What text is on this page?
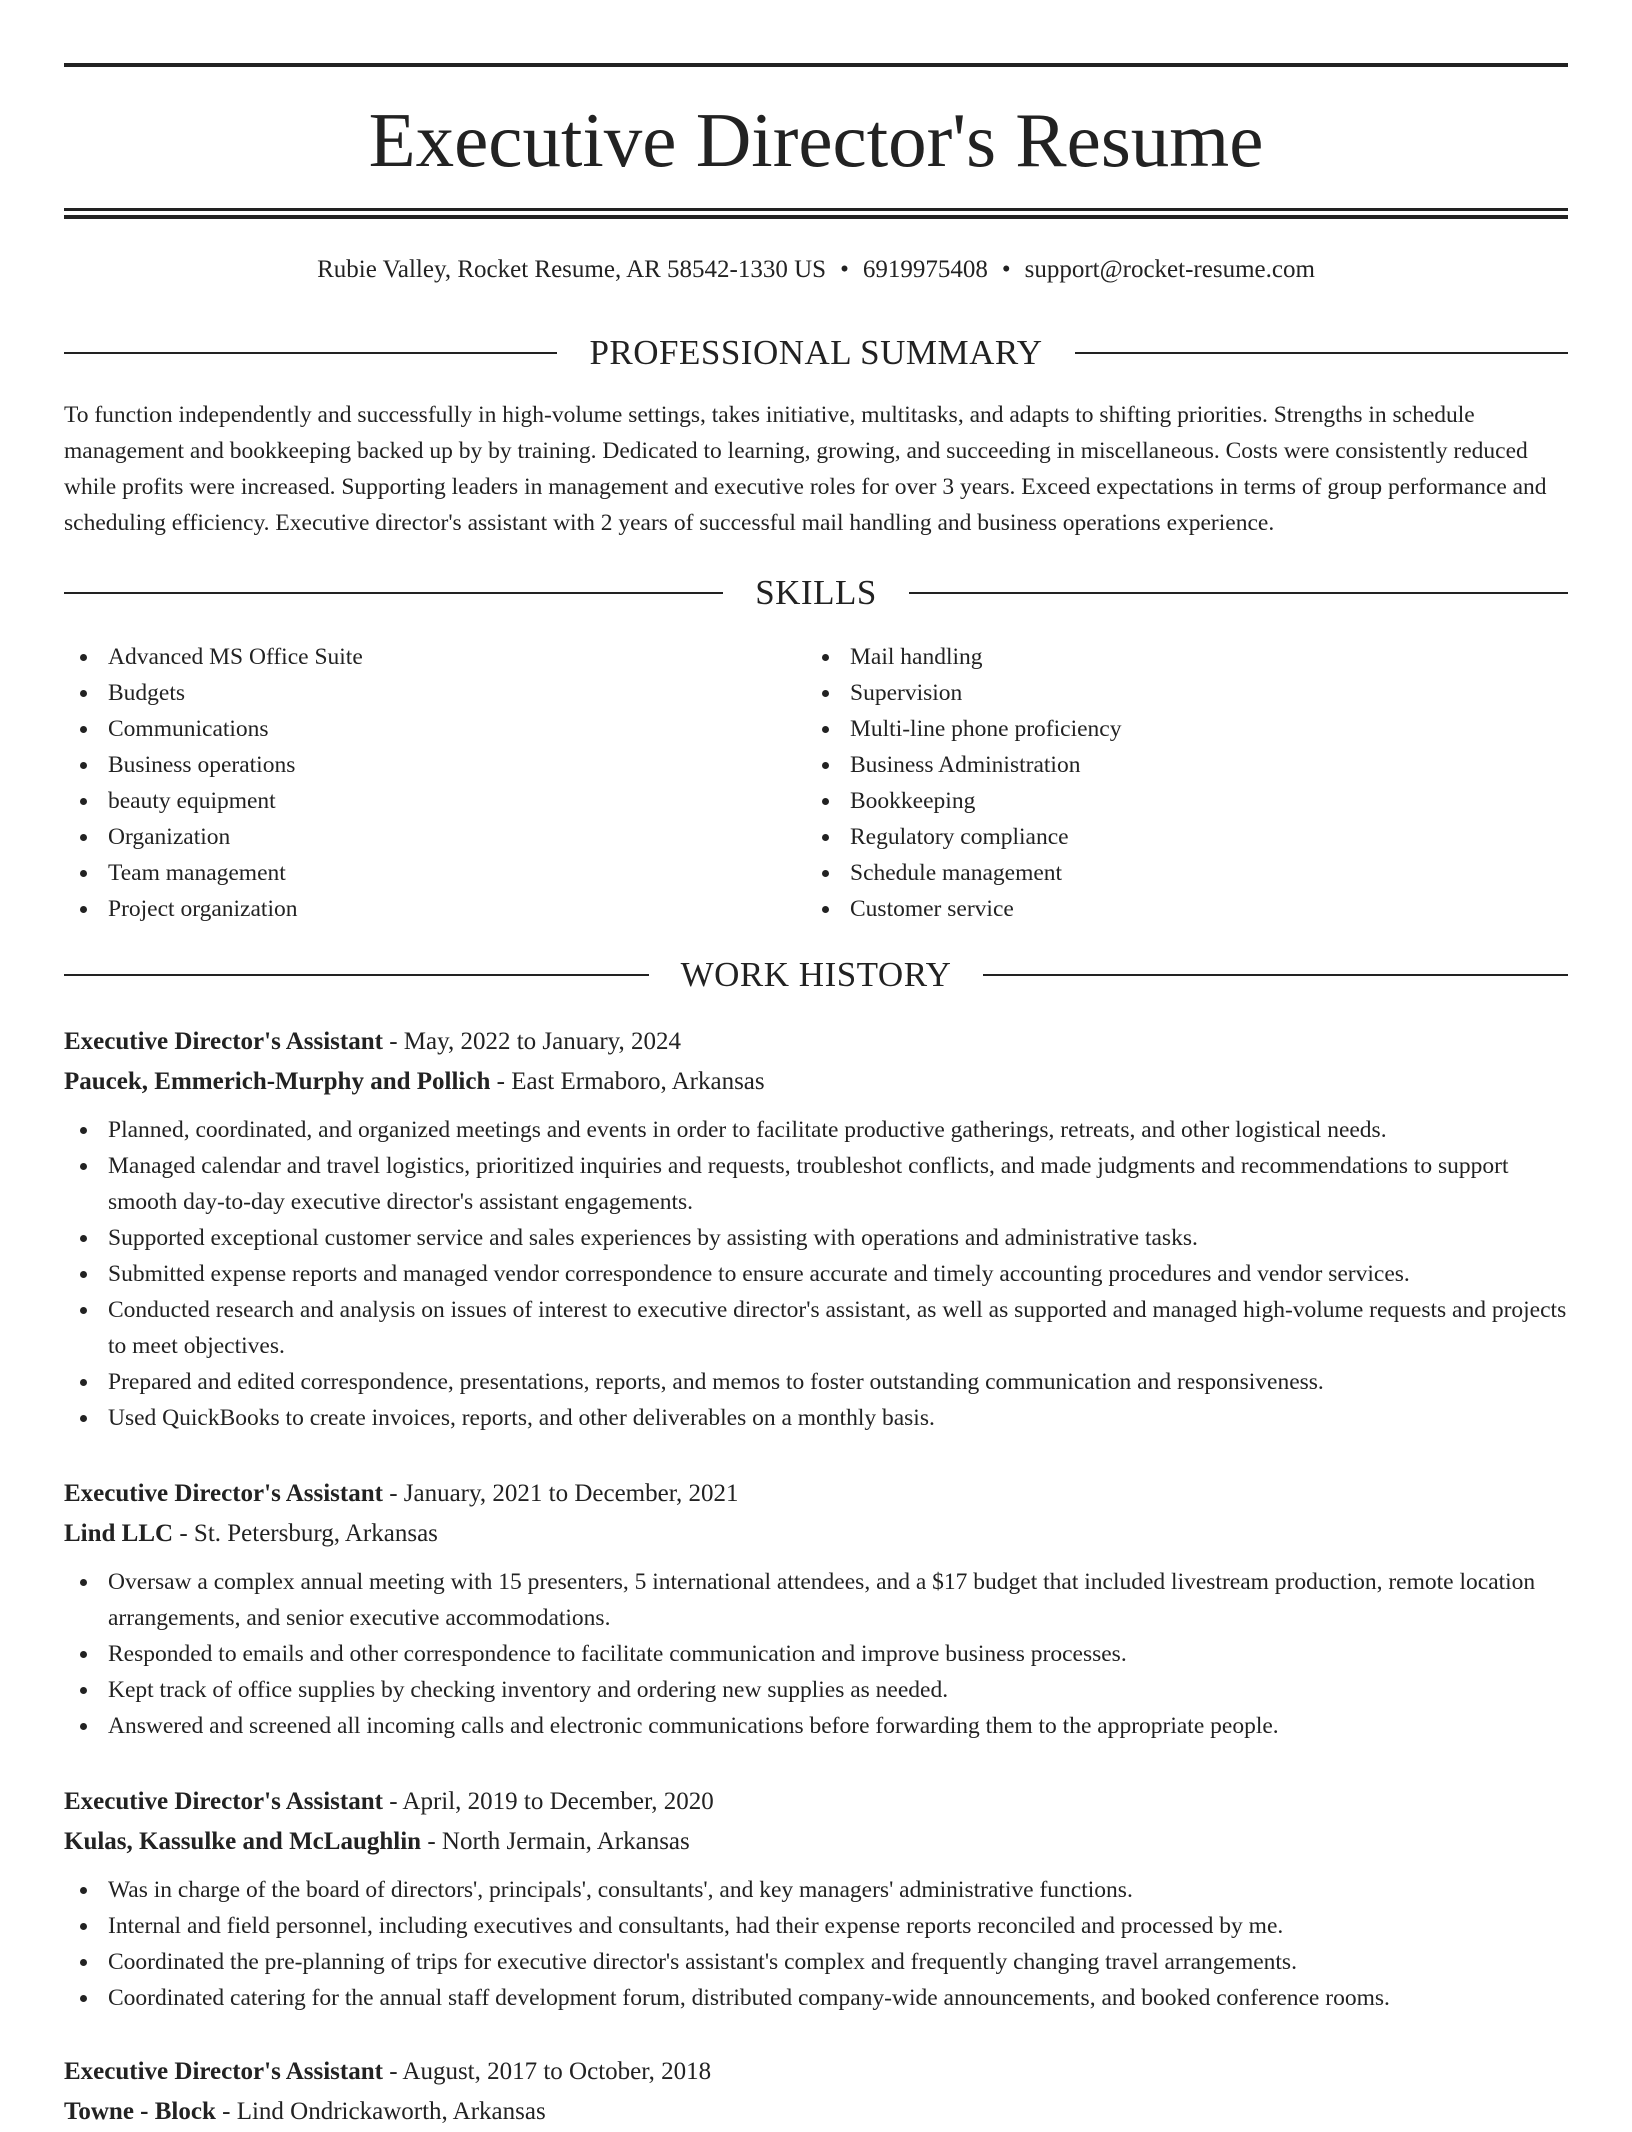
Executive Director's Resume
Rubie Valley, Rocket Resume, AR 58542-1330 US • 6919975408 • support@rocket-resume.com
PROFESSIONAL SUMMARY

To function independently and successfully in high-volume settings, takes initiative, multitasks, and adapts to shifting priorities. Strengths in schedule management and bookkeeping backed up by by training. Dedicated to learning, growing, and succeeding in miscellaneous. Costs were consistently reduced while profits were increased. Supporting leaders in management and executive roles for over 3 years. Exceed expectations in terms of group performance and scheduling efficiency. Executive director's assistant with 2 years of successful mail handling and business operations experience.

SKILLS
Advanced MS Office Suite
Budgets
Communications
Business operations
beauty equipment
Organization
Team management
Project organization
Mail handling
Supervision
Multi-line phone proficiency
Business Administration
Bookkeeping
Regulatory compliance
Schedule management
Customer service
WORK HISTORY
Executive Director's Assistant - May, 2022 to January, 2024
Paucek, Emmerich-Murphy and Pollich - East Ermaboro, Arkansas
Planned, coordinated, and organized meetings and events in order to facilitate productive gatherings, retreats, and other logistical needs.
Managed calendar and travel logistics, prioritized inquiries and requests, troubleshot conflicts, and made judgments and recommendations to support smooth day-to-day executive director's assistant engagements.
Supported exceptional customer service and sales experiences by assisting with operations and administrative tasks.
Submitted expense reports and managed vendor correspondence to ensure accurate and timely accounting procedures and vendor services.
Conducted research and analysis on issues of interest to executive director's assistant, as well as supported and managed high-volume requests and projects to meet objectives.
Prepared and edited correspondence, presentations, reports, and memos to foster outstanding communication and responsiveness.
Used QuickBooks to create invoices, reports, and other deliverables on a monthly basis.
Executive Director's Assistant - January, 2021 to December, 2021
Lind LLC - St. Petersburg, Arkansas
Oversaw a complex annual meeting with 15 presenters, 5 international attendees, and a $17 budget that included livestream production, remote location arrangements, and senior executive accommodations.
Responded to emails and other correspondence to facilitate communication and improve business processes.
Kept track of office supplies by checking inventory and ordering new supplies as needed.
Answered and screened all incoming calls and electronic communications before forwarding them to the appropriate people.
Executive Director's Assistant - April, 2019 to December, 2020
Kulas, Kassulke and McLaughlin - North Jermain, Arkansas
Was in charge of the board of directors', principals', consultants', and key managers' administrative functions.
Internal and field personnel, including executives and consultants, had their expense reports reconciled and processed by me.
Coordinated the pre-planning of trips for executive director's assistant's complex and frequently changing travel arrangements.
Coordinated catering for the annual staff development forum, distributed company-wide announcements, and booked conference rooms.
Executive Director's Assistant - August, 2017 to October, 2018
Towne - Block - Lind Ondrickaworth, Arkansas
